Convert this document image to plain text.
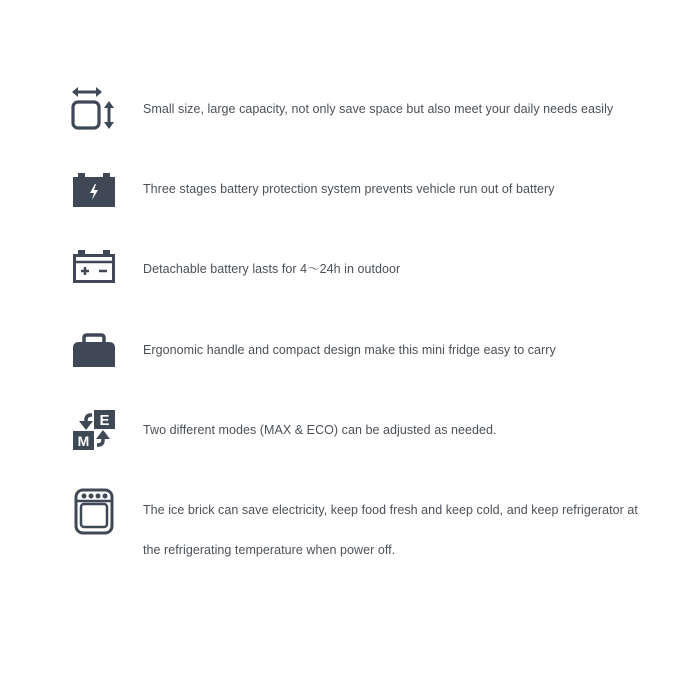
Small size, large capacity, not only save space but also meet your daily needs easily

Three stages battery protection system prevents vehicle run out of battery

Detachable battery lasts for 4～24h in outdoor

Ergonomic handle and compact design make this mini fridge easy to carry

E
M

Two different modes (MAX & ECO) can be adjusted as needed.

The ice brick can save electricity, keep food fresh and keep cold, and keep refrigerator at the refrigerating temperature when power off.
